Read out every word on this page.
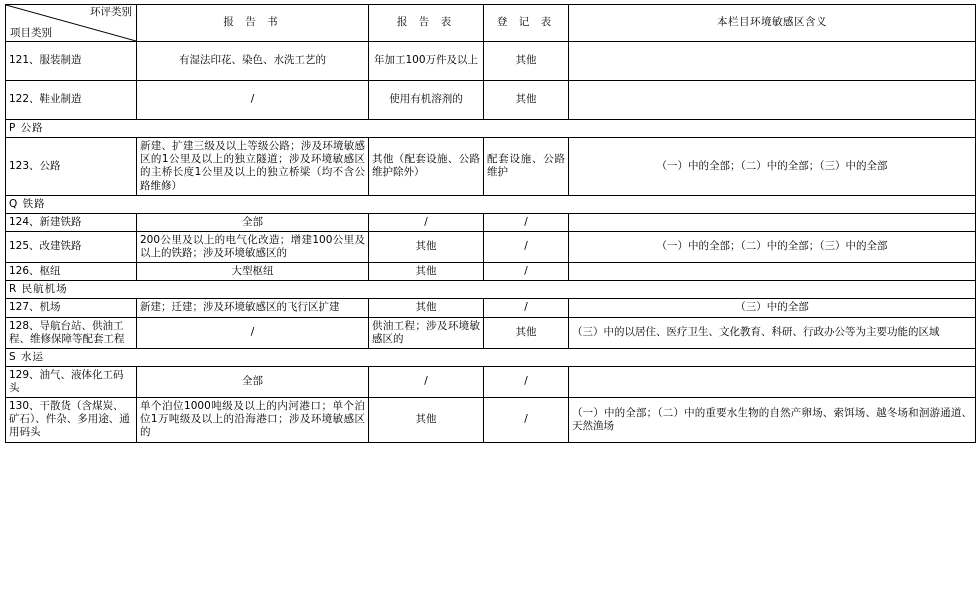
环评类别
项目类别	报 告 书	报 告 表	登 记 表	本栏目环境敏感区含义
121、服装制造	有湿法印花、染色、水洗工艺的	年加工100万件及以上	其他	
122、鞋业制造	/	使用有机溶剂的	其他	
P 公路				
123、公路	新建、扩建三级及以上等级公路；涉及环境敏感区的1公里及以上的独立隧道；涉及环境敏感区的主桥长度1公里及以上的独立桥梁（均不含公路维修）	其他（配套设施、公路维护除外）	配套设施、公路维护	（一）中的全部；（二）中的全部；（三）中的全部
Q 铁路				
124、新建铁路	全部	/	/	
125、改建铁路	200公里及以上的电气化改造；增建100公里及以上的铁路；涉及环境敏感区的	其他	/	（一）中的全部；（二）中的全部；（三）中的全部
126、枢纽	大型枢纽	其他	/	
R 民航机场				
127、机场	新建；迁建；涉及环境敏感区的飞行区扩建	其他	/	（三）中的全部
128、导航台站、供油工程、维修保障等配套工程	/	供油工程；涉及环境敏感区的	其他	（三）中的以居住、医疗卫生、文化教育、科研、行政办公等为主要功能的区域
S 水运				
129、油气、液体化工码头	全部	/	/	
130、干散货（含煤炭、矿石）、件杂、多用途、通用码头	单个泊位1000吨级及以上的内河港口；单个泊位1万吨级及以上的沿海港口；涉及环境敏感区的	其他	/	（一）中的全部；（二）中的重要水生物的自然产卵场、索饵场、越冬场和洄游通道、天然渔场
